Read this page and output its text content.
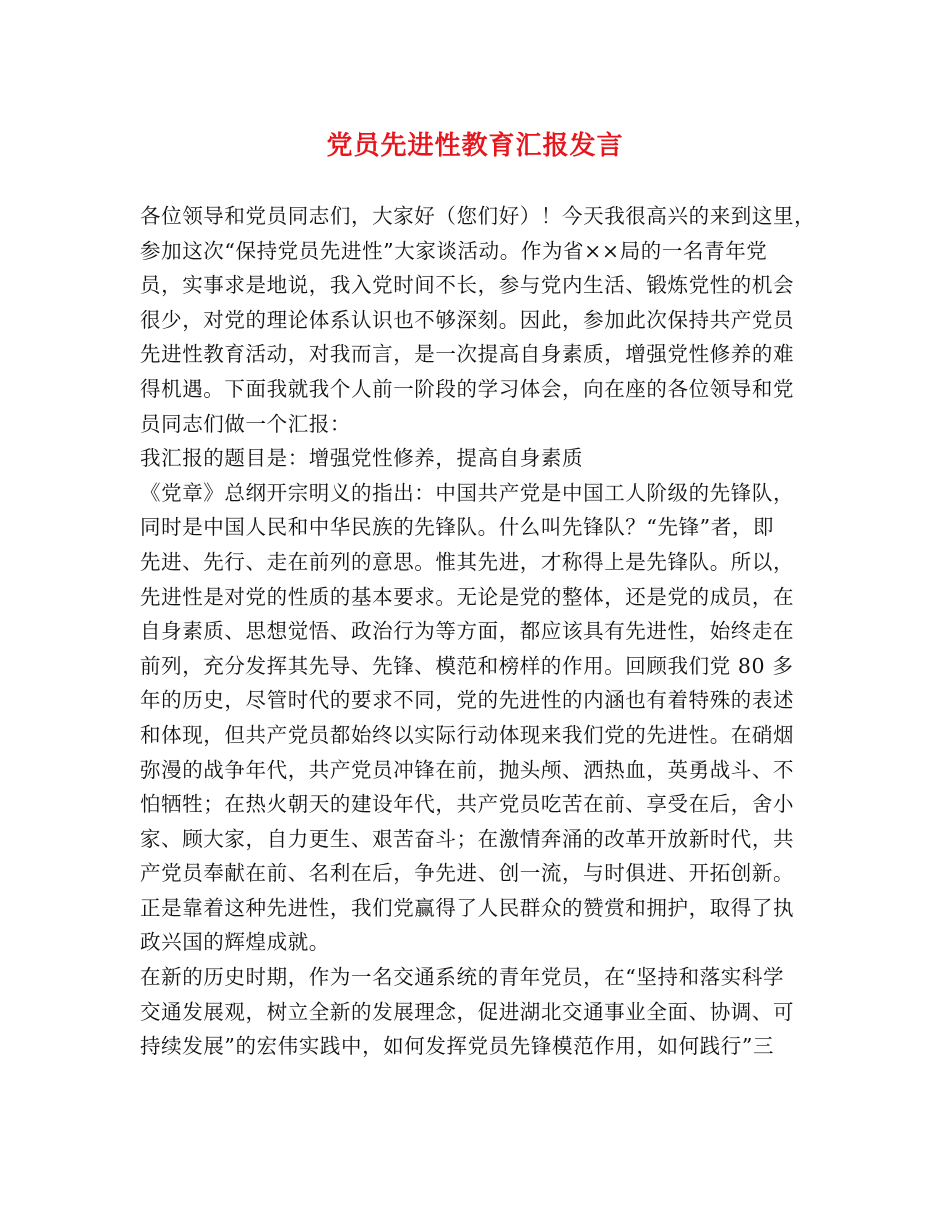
党员先进性教育汇报发言
各位领导和党员同志们，大家好（您们好）！今天我很高兴的来到这里，
参加这次“保持党员先进性”大家谈活动。作为省××局的一名青年党
员，实事求是地说，我入党时间不长，参与党内生活、锻炼党性的机会
很少，对党的理论体系认识也不够深刻。因此，参加此次保持共产党员
先进性教育活动，对我而言，是一次提高自身素质，增强党性修养的难
得机遇。下面我就我个人前一阶段的学习体会，向在座的各位领导和党
员同志们做一个汇报：
我汇报的题目是：增强党性修养，提高自身素质
《党章》总纲开宗明义的指出：中国共产党是中国工人阶级的先锋队，
同时是中国人民和中华民族的先锋队。什么叫先锋队？“先锋”者，即
先进、先行、走在前列的意思。惟其先进，才称得上是先锋队。所以，
先进性是对党的性质的基本要求。无论是党的整体，还是党的成员，在
自身素质、思想觉悟、政治行为等方面，都应该具有先进性，始终走在
前列，充分发挥其先导、先锋、模范和榜样的作用。回顾我们党 80 多
年的历史，尽管时代的要求不同，党的先进性的内涵也有着特殊的表述
和体现，但共产党员都始终以实际行动体现来我们党的先进性。在硝烟
弥漫的战争年代，共产党员冲锋在前，抛头颅、洒热血，英勇战斗、不
怕牺牲；在热火朝天的建设年代，共产党员吃苦在前、享受在后，舍小
家、顾大家，自力更生、艰苦奋斗；在激情奔涌的改革开放新时代，共
产党员奉献在前、名利在后，争先进、创一流，与时俱进、开拓创新。
正是靠着这种先进性，我们党赢得了人民群众的赞赏和拥护，取得了执
政兴国的辉煌成就。
在新的历史时期，作为一名交通系统的青年党员，在“坚持和落实科学
交通发展观，树立全新的发展理念，促进湖北交通事业全面、协调、可
持续发展”的宏伟实践中，如何发挥党员先锋模范作用，如何践行”三
